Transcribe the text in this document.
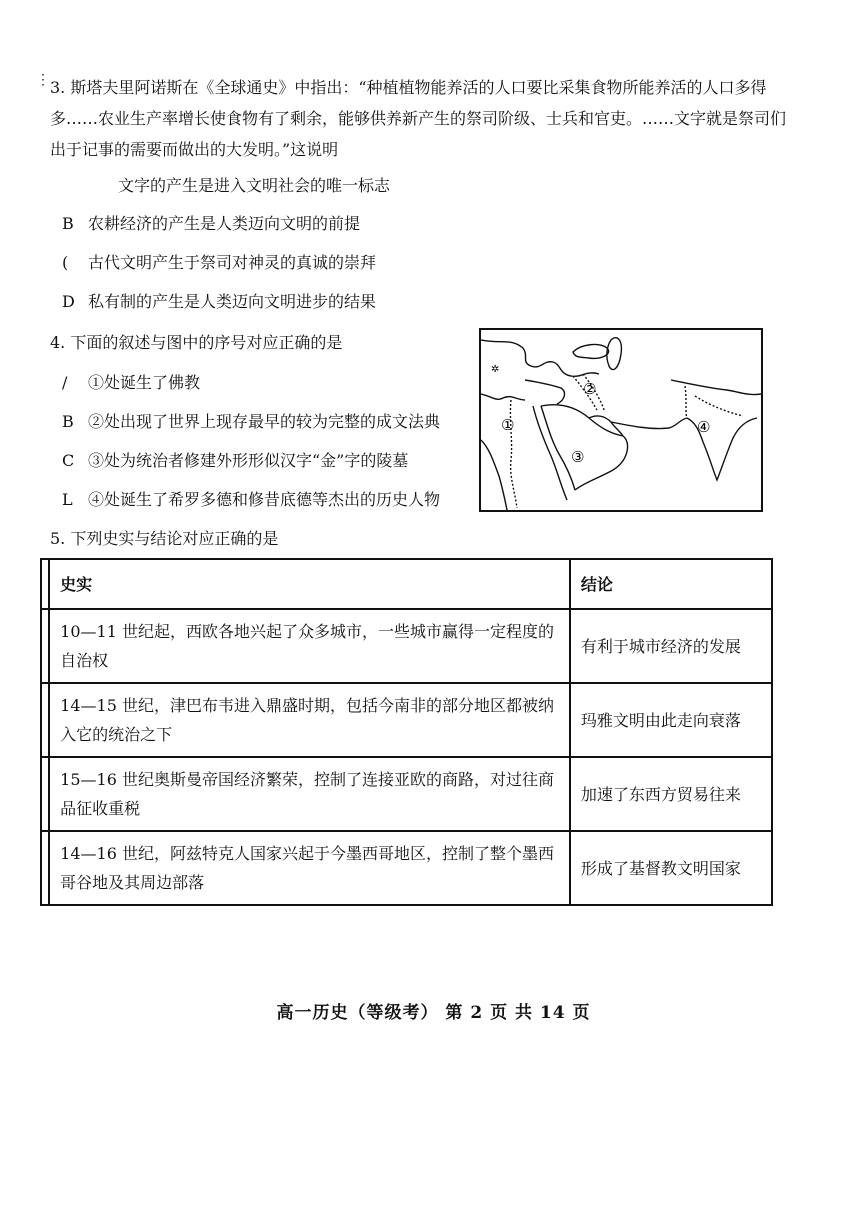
⋮ 3. 斯塔夫里阿诺斯在《全球通史》中指出：“种植植物能养活的人口要比采集食物所能养活的人口多得多……农业生产率增长使食物有了剩余，能够供养新产生的祭司阶级、士兵和官吏。……文字就是祭司们出于记事的需要而做出的大发明。”这说明
文字的产生是进入文明社会的唯一标志
B 农耕经济的产生是人类迈向文明的前提
( 古代文明产生于祭司对神灵的真诚的崇拜
D 私有制的产生是人类迈向文明进步的结果
4. 下面的叙述与图中的序号对应正确的是
/ ①处诞生了佛教
B ②处出现了世界上现存最早的较为完整的成文法典
C ③处为统治者修建外形形似汉字“金”字的陵墓
L ④处诞生了希罗多德和修昔底德等杰出的历史人物
①
②
③
④
✲
5. 下列史实与结论对应正确的是
	史实	结论
	10—11 世纪起，西欧各地兴起了众多城市，一些城市赢得一定程度的自治权	有利于城市经济的发展
	14—15 世纪，津巴布韦进入鼎盛时期，包括今南非的部分地区都被纳入它的统治之下	玛雅文明由此走向衰落
	15—16 世纪奥斯曼帝国经济繁荣，控制了连接亚欧的商路，对过往商品征收重税	加速了东西方贸易往来
	14—16 世纪，阿兹特克人国家兴起于今墨西哥地区，控制了整个墨西哥谷地及其周边部落	形成了基督教文明国家
高一历史（等级考） 第 2 页 共 14 页
